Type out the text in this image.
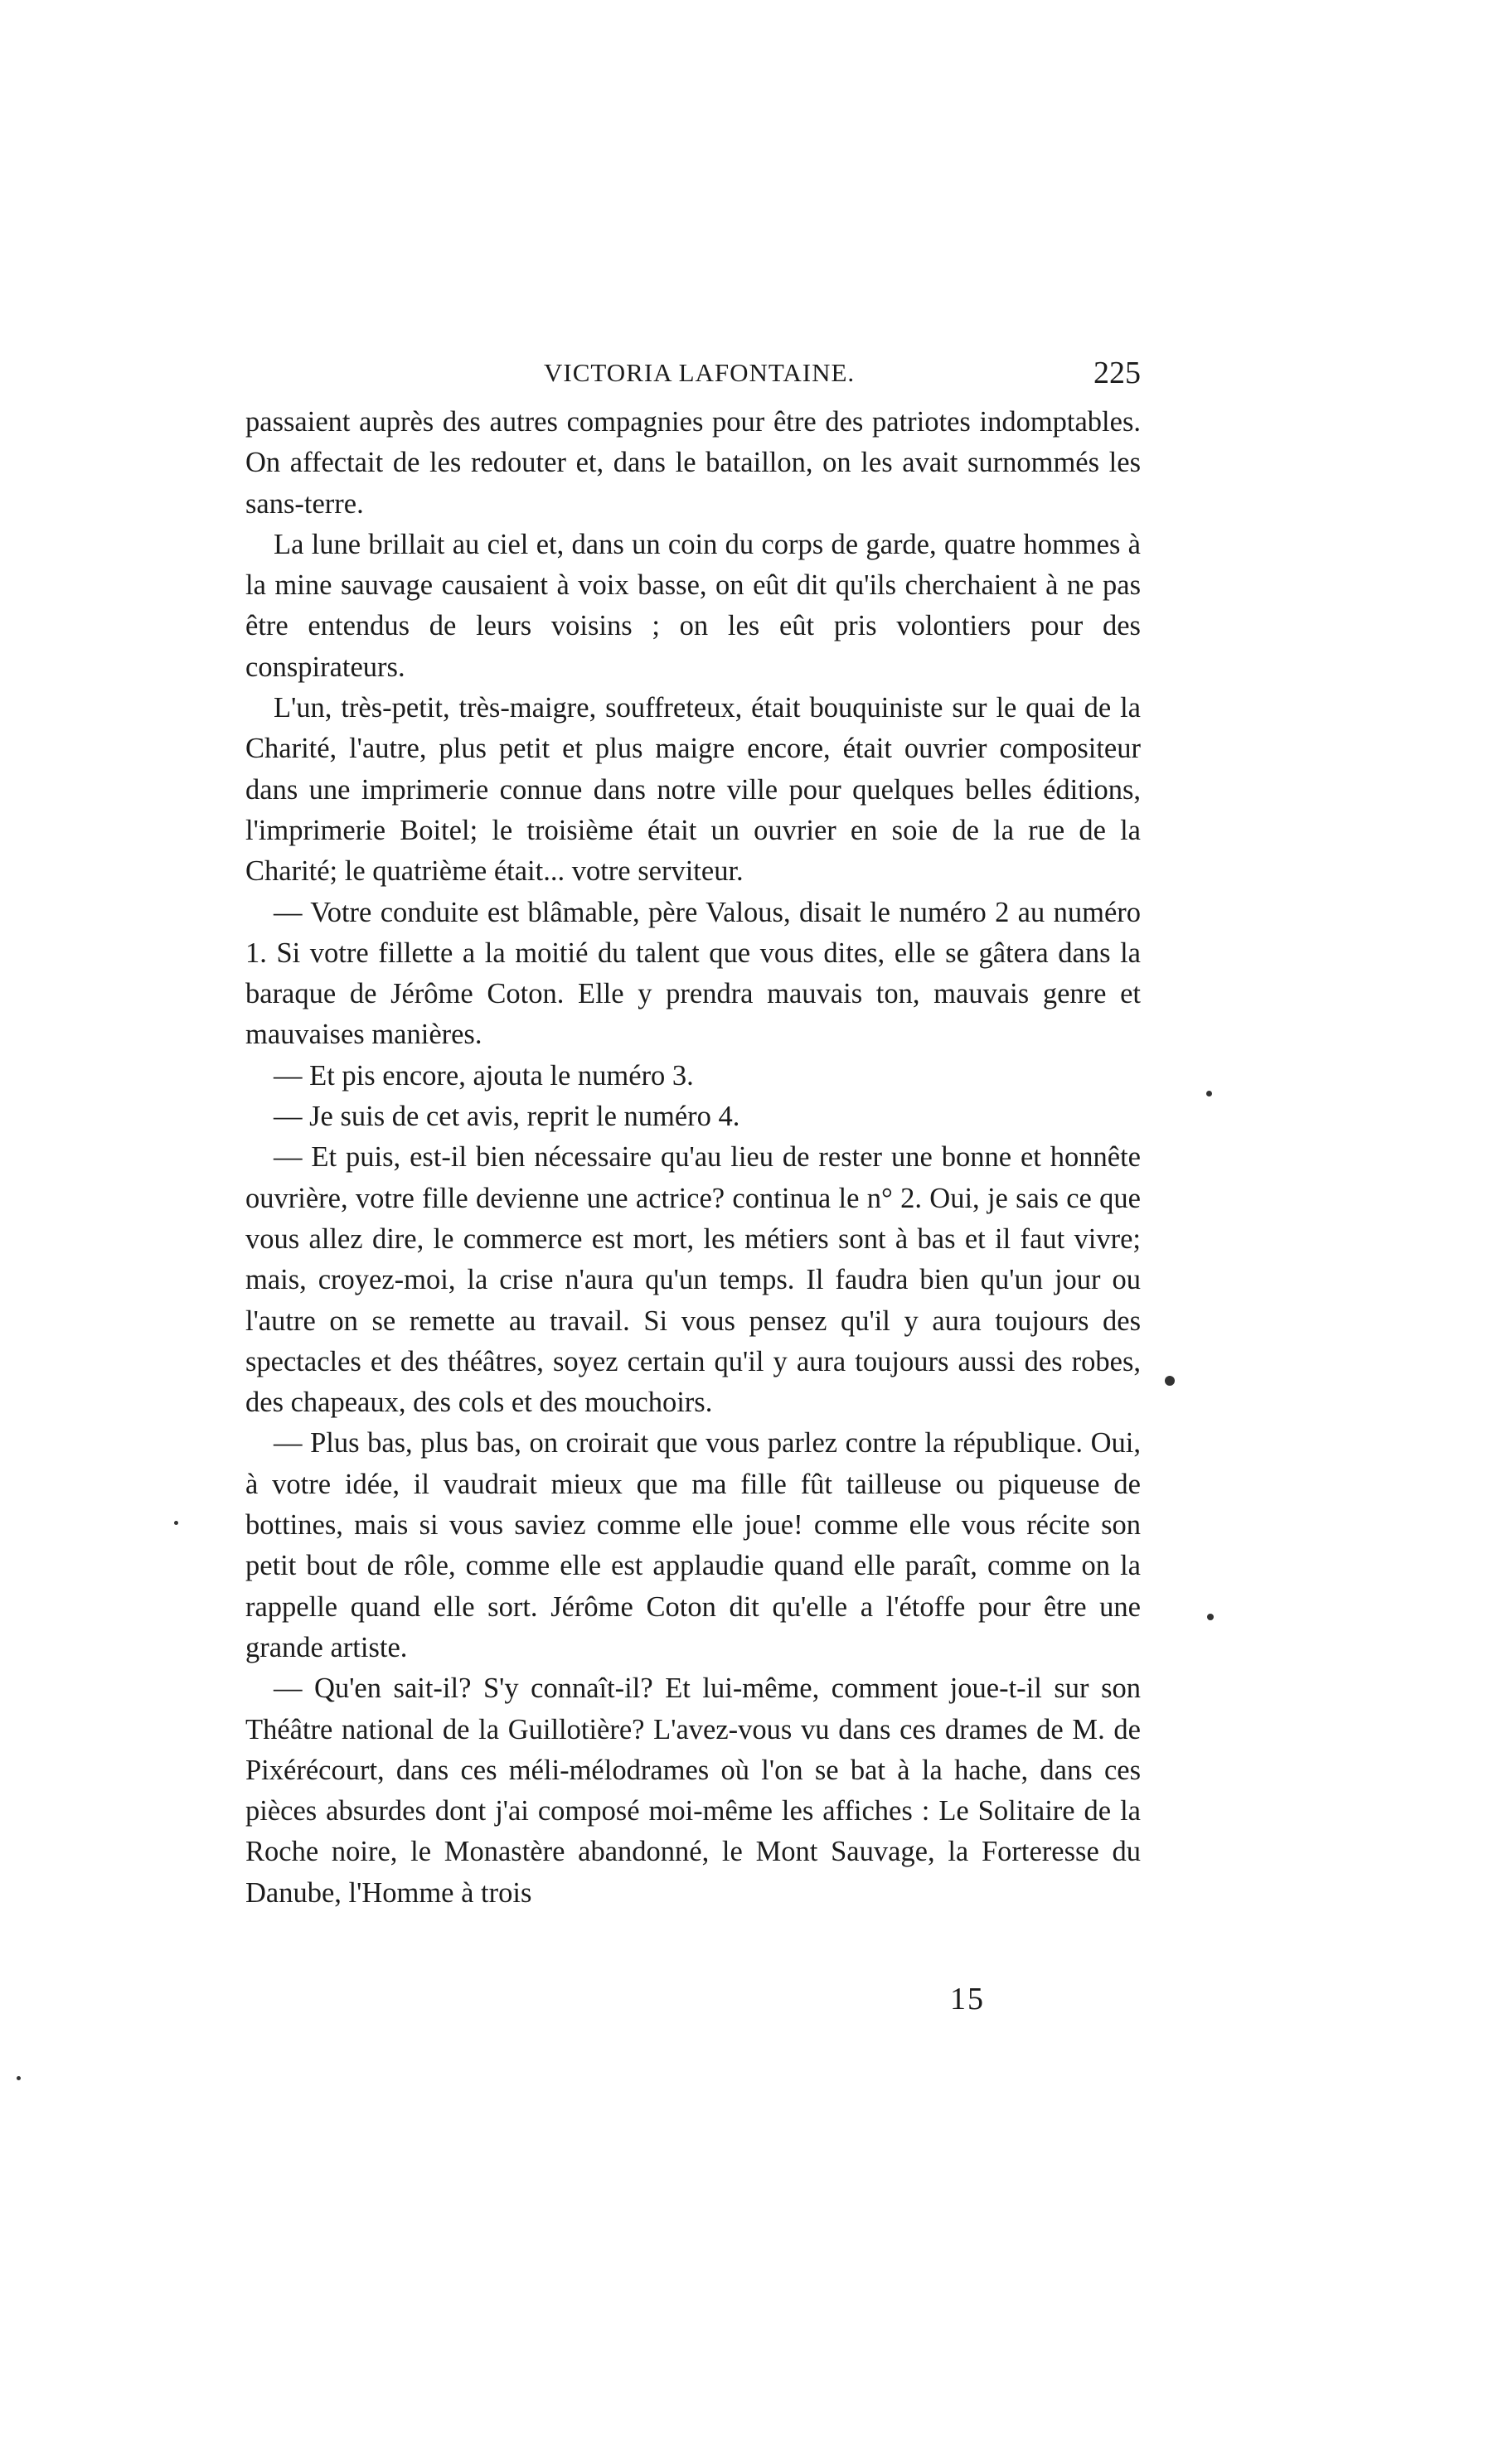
VICTORIA LAFONTAINE.	225

passaient auprès des autres compagnies pour être des patriotes indomptables. On affectait de les redouter et, dans le bataillon, on les avait surnommés les sans-terre.

La lune brillait au ciel et, dans un coin du corps de garde, quatre hommes à la mine sauvage causaient à voix basse, on eût dit qu'ils cherchaient à ne pas être entendus de leurs voisins ; on les eût pris volontiers pour des conspirateurs.

L'un, très-petit, très-maigre, souffreteux, était bouquiniste sur le quai de la Charité, l'autre, plus petit et plus maigre encore, était ouvrier compositeur dans une imprimerie connue dans notre ville pour quelques belles éditions, l'imprimerie Boitel; le troisième était un ouvrier en soie de la rue de la Charité; le quatrième était... votre serviteur.

— Votre conduite est blâmable, père Valous, disait le numéro 2 au numéro 1. Si votre fillette a la moitié du talent que vous dites, elle se gâtera dans la baraque de Jérôme Coton. Elle y prendra mauvais ton, mauvais genre et mauvaises manières.

— Et pis encore, ajouta le numéro 3.

— Je suis de cet avis, reprit le numéro 4.

— Et puis, est-il bien nécessaire qu'au lieu de rester une bonne et honnête ouvrière, votre fille devienne une actrice? continua le n° 2. Oui, je sais ce que vous allez dire, le commerce est mort, les métiers sont à bas et il faut vivre; mais, croyez-moi, la crise n'aura qu'un temps. Il faudra bien qu'un jour ou l'autre on se remette au travail. Si vous pensez qu'il y aura toujours des spectacles et des théâtres, soyez certain qu'il y aura toujours aussi des robes, des chapeaux, des cols et des mouchoirs.

— Plus bas, plus bas, on croirait que vous parlez contre la république. Oui, à votre idée, il vaudrait mieux que ma fille fût tailleuse ou piqueuse de bottines, mais si vous saviez comme elle joue! comme elle vous récite son petit bout de rôle, comme elle est applaudie quand elle paraît, comme on la rappelle quand elle sort. Jérôme Coton dit qu'elle a l'étoffe pour être une grande artiste.

— Qu'en sait-il? S'y connaît-il? Et lui-même, comment joue-t-il sur son Théâtre national de la Guillotière? L'avez-vous vu dans ces drames de M. de Pixérécourt, dans ces méli-mélodrames où l'on se bat à la hache, dans ces pièces absurdes dont j'ai composé moi-même les affiches : Le Solitaire de la Roche noire, le Monastère abandonné, le Mont Sauvage, la Forteresse du Danube, l'Homme à trois

15
